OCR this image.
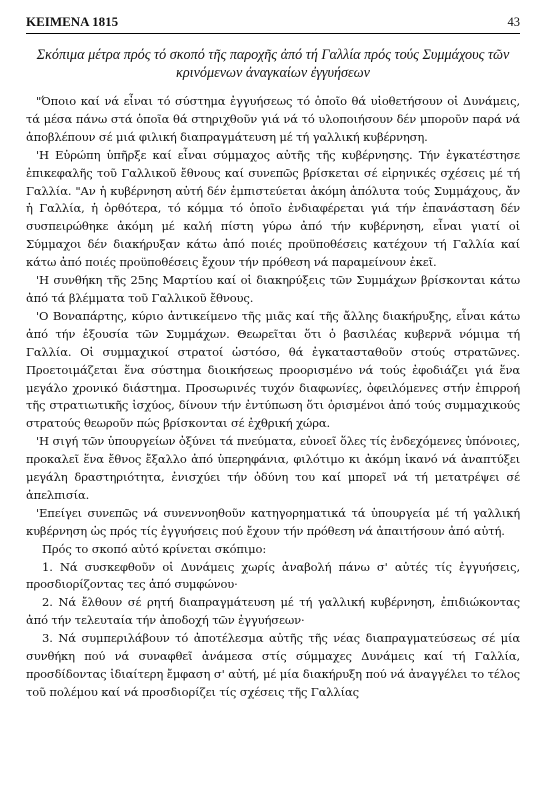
ΚΕΙΜΕΝΑ 1815	43
Σκόπιμα μέτρα πρός τό σκοπό τῆς παροχῆς ἀπό τή Γαλλία πρός τούς Συμμάχους τῶν κρινόμενων ἀναγκαίων ἐγγυήσεων

"Όποιο καί νά εἶναι τό σύστημα ἐγγυήσεως τό ὁποῖο θά υἱοθετήσουν οἱ Δυνάμεις, τά μέσα πάνω στά ὁποῖα θά στηριχθοῦν γιά νά τό υλοποιήσουν δέν μποροῦν παρά νά ἀποβλέπουν σέ μιά φιλική διαπραγμάτευση μέ τή γαλλική κυβέρνηση.

'Η Εὐρώπη ὑπῆρξε καί εἶναι σύμμαχος αὐτῆς τῆς κυβέρνησης. Τήν ἐγκατέστησε ἐπικεφαλῆς τοῦ Γαλλικοῦ ἔθνους καί συνεπῶς βρίσκεται σέ εἰρηνικές σχέσεις μέ τή Γαλλία. "Αν ἡ κυβέρνηση αὐτή δέν ἐμπιστεύεται ἀκόμη ἀπόλυτα τούς Συμμάχους, ἄν ἡ Γαλλία, ἡ ὀρθότερα, τό κόμμα τό ὁποῖο ἐνδιαφέρεται γιά τήν ἐπανάσταση δέν συσπειρώθηκε ἀκόμη μέ καλή πίστη γύρω ἀπό τήν κυβέρνηση, εἶναι γιατί οἱ Σύμμαχοι δέν διακήρυξαν κάτω ἀπό ποιές προϋποθέσεις κατέχουν τή Γαλλία καί κάτω ἀπό ποιές προϋποθέσεις ἔχουν τήν πρόθεση νά παραμείνουν ἐκεῖ.

'Η συνθήκη τῆς 25ης Μαρτίου καί οἱ διακηρύξεις τῶν Συμμάχων βρίσκονται κάτω ἀπό τά βλέμματα τοῦ Γαλλικοῦ ἔθνους.

'Ο Βοναπάρτης, κύριο ἀντικείμενο τῆς μιᾶς καί τῆς ἄλλης διακήρυξης, εἶναι κάτω ἀπό τήν ἐξουσία τῶν Συμμάχων. Θεωρεῖται ὅτι ὁ βασιλέας κυβερνᾶ νόμιμα τή Γαλλία. Οἱ συμμαχικοί στρατοί ὡστόσο, θά ἐγκατασταθοῦν στούς στρατῶνες. Προετοιμάζεται ἕνα σύστημα διοικήσεως προορισμένο νά τούς ἐφοδιάζει γιά ἕνα μεγάλο χρονικό διάστημα. Προσωρινές τυχόν διαφωνίες, ὀφειλόμενες στήν ἐπιρροή τῆς στρατιωτικῆς ἰσχύος, δίνουν τήν ἐντύπωση ὅτι ὁρισμένοι ἀπό τούς συμμαχικούς στρατούς θεωροῦν πώς βρίσκονται σέ ἐχθρική χώρα.

'Η σιγή τῶν ὑπουργείων ὀξύνει τά πνεύματα, εὐνοεῖ ὅλες τίς ἐνδεχόμενες ὑπόνοιες, προκαλεῖ ἕνα ἔθνος ἔξαλλο ἀπό ὑπερηφάνια, φιλότιμο κι ἀκόμη ἱκανό νά ἀναπτύξει μεγάλη δραστηριότητα, ἐνισχύει τήν ὀδύνη του καί μπορεῖ νά τή μετατρέψει σέ ἀπελπισία.

'Επείγει συνεπῶς νά συνεννοηθοῦν κατηγορηματικά τά ὑπουργεία μέ τή γαλλική κυβέρνηση ὡς πρός τίς ἐγγυήσεις πού ἔχουν τήν πρόθεση νά ἀπαιτήσουν ἀπό αὐτή.

Πρός το σκοπό αὐτό κρίνεται σκόπιμο:

1. Νά συσκεφθοῦν οἱ Δυνάμεις χωρίς ἀναβολή πάνω σ' αὐτές τίς ἐγγυήσεις, προσδιορίζοντας τες ἀπό συμφώνου·

2. Νά ἔλθουν σέ ρητή διαπραγμάτευση μέ τή γαλλική κυβέρνηση, ἐπιδιώκοντας ἀπό τήν τελευταία τήν ἀποδοχή τῶν ἐγγυήσεων·

3. Νά συμπεριλάβουν τό ἀποτέλεσμα αὐτῆς τῆς νέας διαπραγματεύσεως σέ μία συνθήκη πού νά συναφθεῖ ἀνάμεσα στίς σύμμαχες Δυνάμεις καί τή Γαλλία, προσδίδοντας ἰδιαίτερη ἔμφαση σ' αὐτή, μέ μία διακήρυξη πού νά ἀναγγέλει το τέλος τοῦ πολέμου καί νά προσδιορίζει τίς σχέσεις τῆς Γαλλίας
